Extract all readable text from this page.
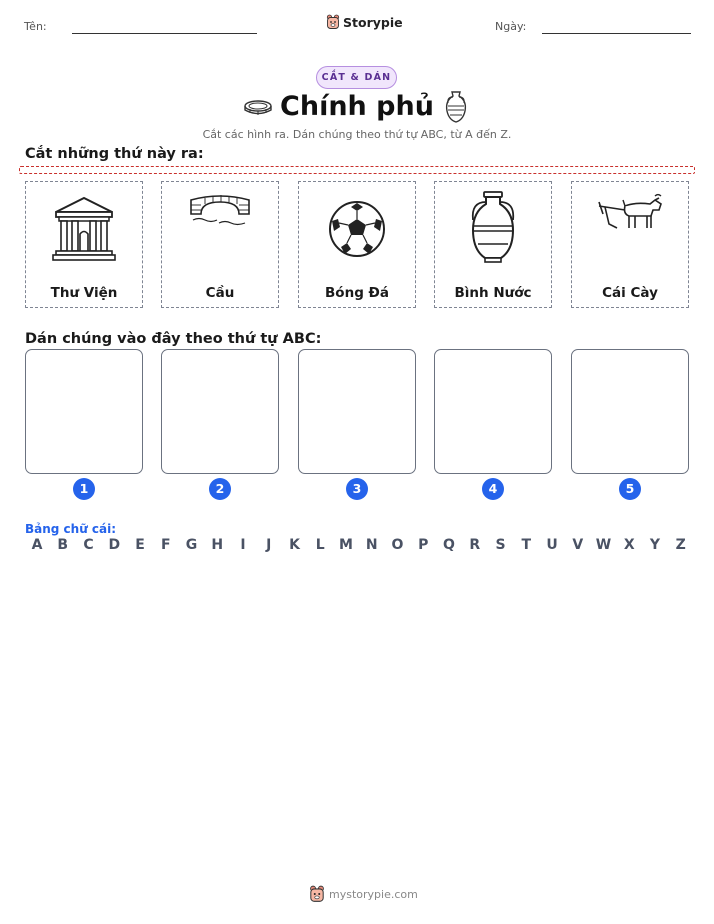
Tên:	Storypie	Ngày:
CẮT & DÁN
Chính phủ
Cắt các hình ra. Dán chúng theo thứ tự ABC, từ A đến Z.
Cắt những thứ này ra:
Thư Viện	Cầu	Bóng Đá	Bình Nước	Cái Cày
Dán chúng vào đây theo thứ tự ABC:
1	2	3	4	5
Bảng chữ cái:
A B C D E F G H	I	J	K L M N O P Q R S T U V W X Y Z
mystorypie.com
